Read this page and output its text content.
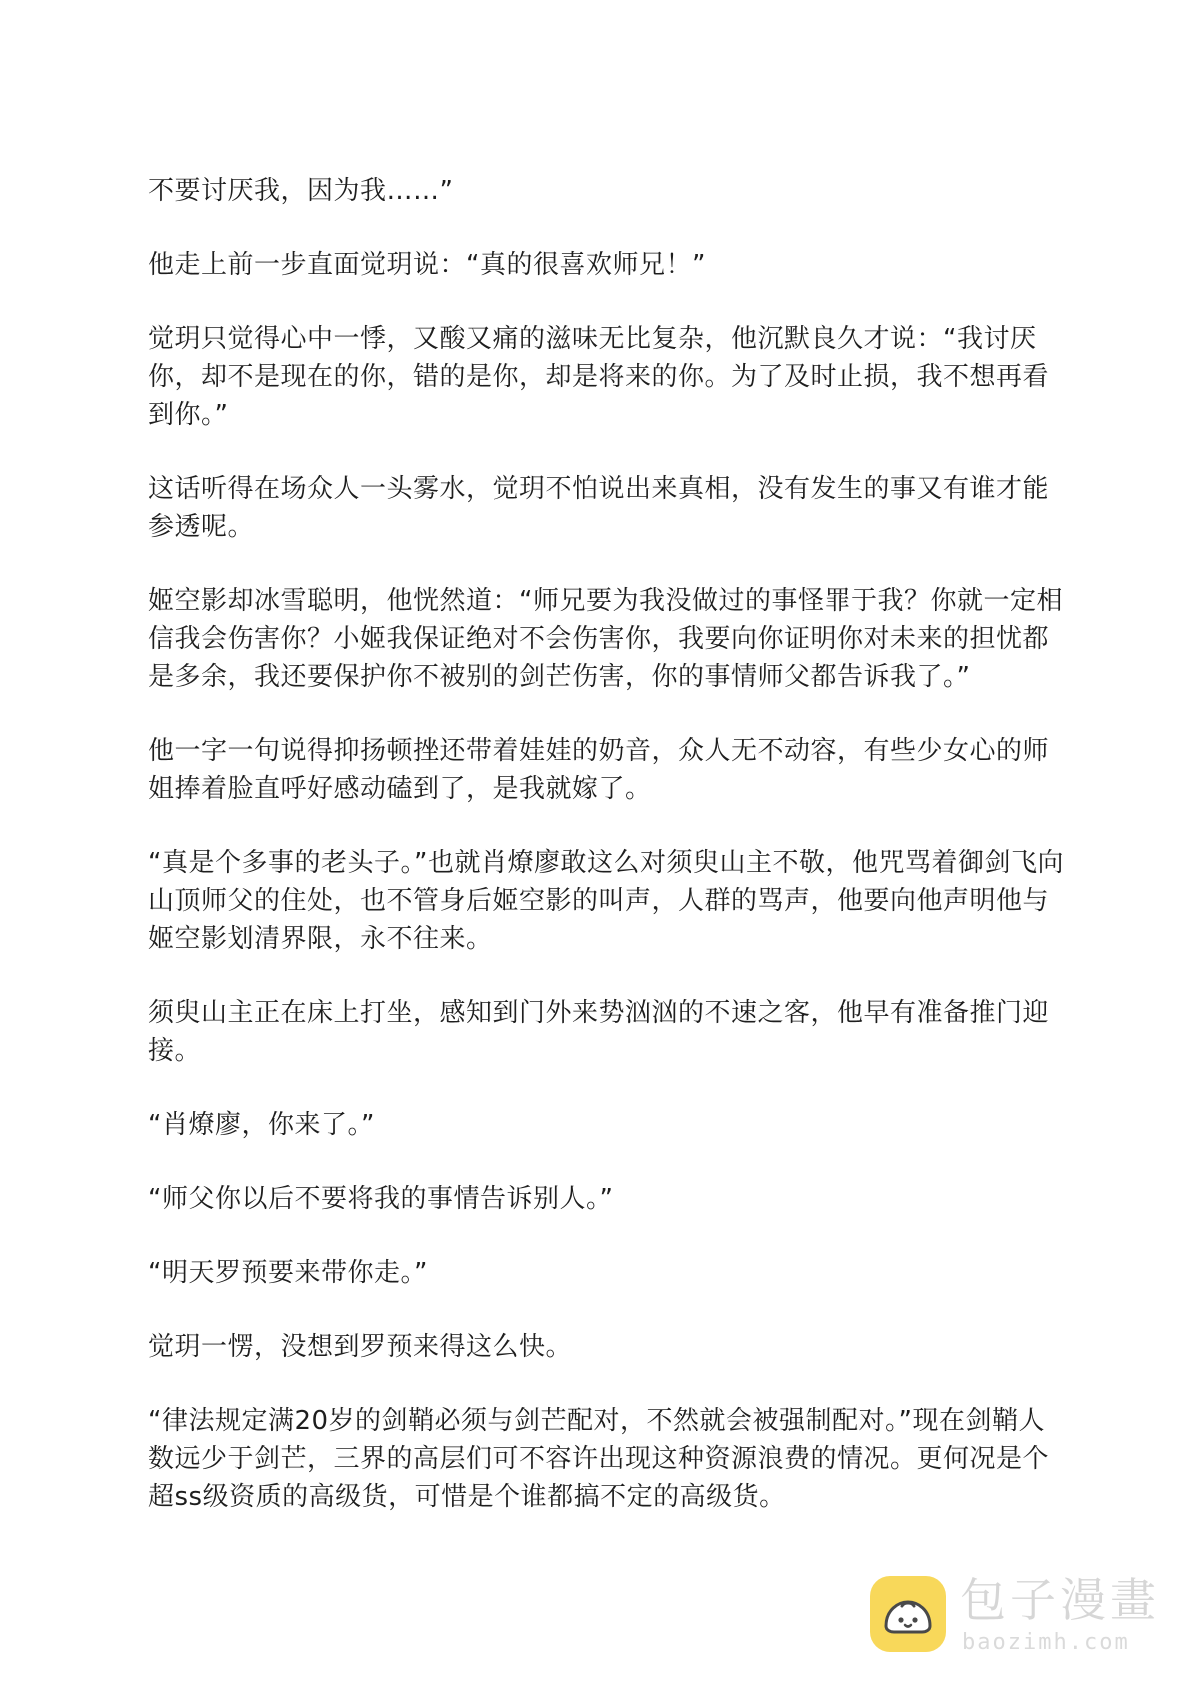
不要讨厌我，因为我……”

他走上前一步直面觉玥说：“真的很喜欢师兄！”

觉玥只觉得心中一悸，又酸又痛的滋味无比复杂，他沉默良久才说：“我讨厌你，却不是现在的你，错的是你，却是将来的你。为了及时止损，我不想再看到你。”

这话听得在场众人一头雾水，觉玥不怕说出来真相，没有发生的事又有谁才能参透呢。

姬空影却冰雪聪明，他恍然道：“师兄要为我没做过的事怪罪于我？你就一定相信我会伤害你？小姬我保证绝对不会伤害你，我要向你证明你对未来的担忧都是多余，我还要保护你不被别的剑芒伤害，你的事情师父都告诉我了。”

他一字一句说得抑扬顿挫还带着娃娃的奶音，众人无不动容，有些少女心的师姐捧着脸直呼好感动磕到了，是我就嫁了。

“真是个多事的老头子。”也就肖燎廖敢这么对须臾山主不敬，他咒骂着御剑飞向山顶师父的住处，也不管身后姬空影的叫声，人群的骂声，他要向他声明他与姬空影划清界限，永不往来。

须臾山主正在床上打坐，感知到门外来势汹汹的不速之客，他早有准备推门迎接。

“肖燎廖，你来了。”

“师父你以后不要将我的事情告诉别人。”

“明天罗预要来带你走。”

觉玥一愣，没想到罗预来得这么快。

“律法规定满20岁的剑鞘必须与剑芒配对，不然就会被强制配对。”现在剑鞘人数远少于剑芒，三界的高层们可不容许出现这种资源浪费的情况。更何况是个超ss级资质的高级货，可惜是个谁都搞不定的高级货。

包子漫畫
baozimh.com
